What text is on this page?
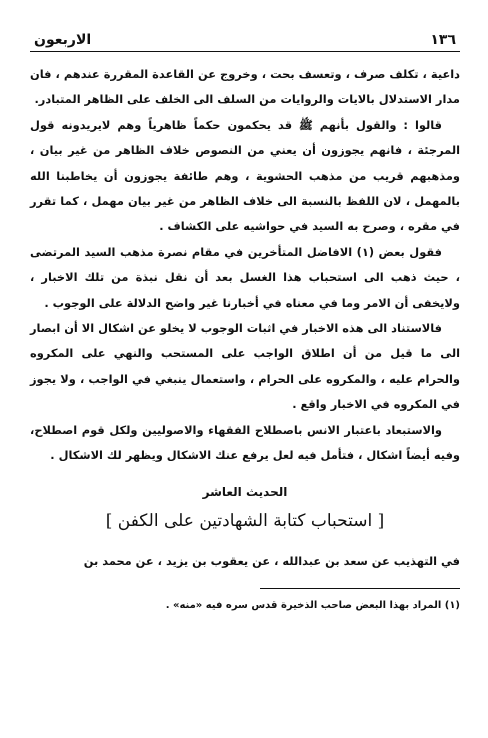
١٣٦
الاربعون

داعية ، تكلف صرف ، وتعسف بحت ، وخروج عن القاعدة المقررة عندهم ، فان مدار الاستدلال بالايات والروايات من السلف الى الخلف على الظاهر المتبادر.

قالوا : والقول بأنهم ﷺ قد يحكمون حكماً ظاهرياً وهم لايريدونه قول المرجئة ، فانهم يجوزون أن يعني من النصوص خلاف الظاهر من غير بيان ، ومذهبهم قريب من مذهب الحشوية ، وهم طائفة يجوزون أن يخاطبنا الله بالمهمل ، لان اللفظ بالنسبة الى خلاف الظاهر من غير بيان مهمل ، كما تقرر في مقره ، وصرح به السيد في حواشيه على الكشاف .

فقول بعض (١) الافاضل المتأخرين في مقام نصرة مذهب السيد المرتضى ، حيث ذهب الى استحباب هذا الغسل بعد أن نقل نبذة من تلك الاخبار ، ولايخفى أن الامر وما في معناه في أخبارنا غير واضح الدلالة على الوجوب .

فالاستناد الى هذه الاخبار في اثبات الوجوب لا يخلو عن اشكال الا أن ابصار الى ما قيل من أن اطلاق الواجب على المستحب والنهي على المكروه والحرام عليه ، والمكروه على الحرام ، واستعمال ينبغي في الواجب ، ولا يجوز في المكروه في الاخبار واقع .

والاستبعاد باعتبار الانس باصطلاح الفقهاء والاصوليين ولكل قوم اصطلاح، وفيه أيضاً اشكال ، فتأمل فيه لعل يرفع عنك الاشكال ويظهر لك الاشكال .

الحديث العاشر
[ استحباب كتابة الشهادتين على الكفن ]

في التهذيب عن سعد بن عبدالله ، عن يعقوب بن يزيد ، عن محمد بن

(١) المراد بهذا البعض صاحب الذخيرة قدس سره فيه «منه» .
